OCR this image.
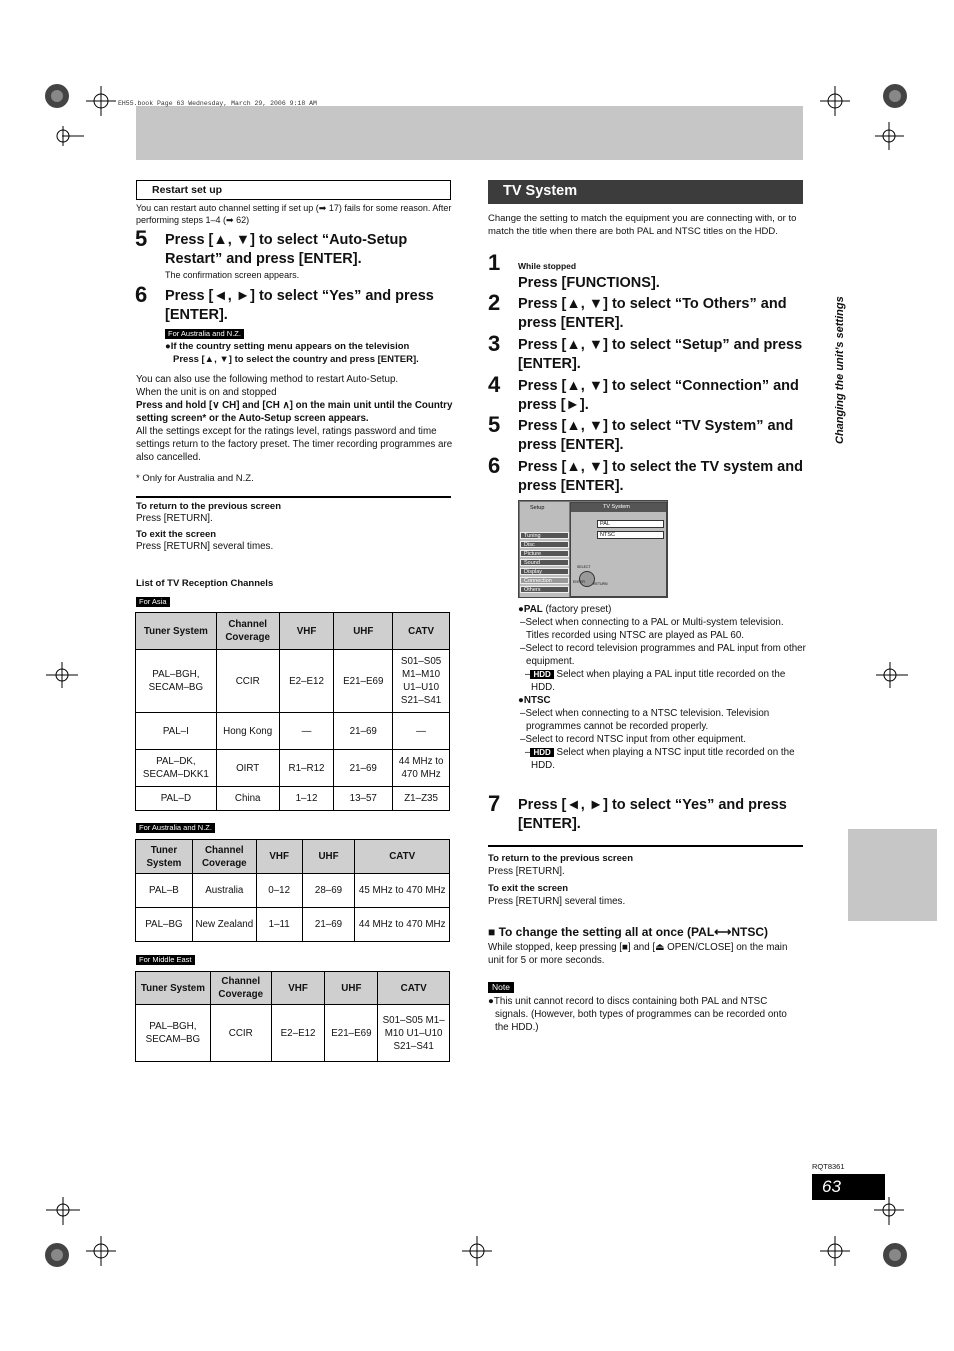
EH55.book Page 63 Wednesday, March 29, 2006 9:18 AM
Changing the unit’s settings
Restart set up
You can restart auto channel setting if set up (➡ 17) fails for some reason. After performing steps 1–4 (➡ 62)
5 Press [▲, ▼] to select “Auto-Setup Restart” and press [ENTER].
The confirmation screen appears.
6 Press [◄, ►] to select “Yes” and press [ENTER].
For Australia and N.Z.
●If the country setting menu appears on the television
Press [▲, ▼] to select the country and press [ENTER].
You can also use the following method to restart Auto-Setup.
When the unit is on and stopped
Press and hold [∨ CH] and [CH ∧] on the main unit until the Country setting screen* or the Auto-Setup screen appears.
All the settings except for the ratings level, ratings password and time settings return to the factory preset. The timer recording programmes are also cancelled.
* Only for Australia and N.Z.
To return to the previous screen
Press [RETURN].
To exit the screen
Press [RETURN] several times.
List of TV Reception Channels
For Asia
Tuner System	Channel Coverage	VHF	UHF	CATV
PAL–BGH, SECAM–BG	CCIR	E2–E12	E21–E69	S01–S05 M1–M10 U1–U10 S21–S41
PAL–I	Hong Kong	—	21–69	—
PAL–DK, SECAM–DKK1	OIRT	R1–R12	21–69	44 MHz to 470 MHz
PAL–D	China	1–12	13–57	Z1–Z35
For Australia and N.Z.
Tuner System	Channel Coverage	VHF	UHF	CATV
PAL–B	Australia	0–12	28–69	45 MHz to 470 MHz
PAL–BG	New Zealand	1–11	21–69	44 MHz to 470 MHz
For Middle East
Tuner System	Channel Coverage	VHF	UHF	CATV
PAL–BGH, SECAM–BG	CCIR	E2–E12	E21–E69	S01–S05 M1–M10 U1–U10 S21–S41
TV System
Change the setting to match the equipment you are connecting with, or to match the title when there are both PAL and NTSC titles on the HDD.
1 While stopped
Press [FUNCTIONS].
2 Press [▲, ▼] to select “To Others” and press [ENTER].
3 Press [▲, ▼] to select “Setup” and press [ENTER].
4 Press [▲, ▼] to select “Connection” and press [►].
5 Press [▲, ▼] to select “TV System” and press [ENTER].
6 Press [▲, ▼] to select the TV system and press [ENTER].
Setup
Tuning
Disc
Picture
Sound
Display
Connection
Others
TV System
PAL
NTSC
SELECT
ENTER RETURN
●PAL (factory preset)
–Select when connecting to a PAL or Multi-system television. Titles recorded using NTSC are played as PAL 60.
–Select to record television programmes and PAL input from other equipment.
– HDD Select when playing a PAL input title recorded on the HDD.
●NTSC
–Select when connecting to a NTSC television. Television programmes cannot be recorded properly.
–Select to record NTSC input from other equipment.
– HDD Select when playing a NTSC input title recorded on the HDD.
7 Press [◄, ►] to select “Yes” and press [ENTER].
To return to the previous screen
Press [RETURN].
To exit the screen
Press [RETURN] several times.
■ To change the setting all at once (PAL⟷NTSC)
While stopped, keep pressing [■] and [⏏ OPEN/CLOSE] on the main unit for 5 or more seconds.
Note
●This unit cannot record to discs containing both PAL and NTSC signals. (However, both types of programmes can be recorded onto the HDD.)
RQT8361
63
